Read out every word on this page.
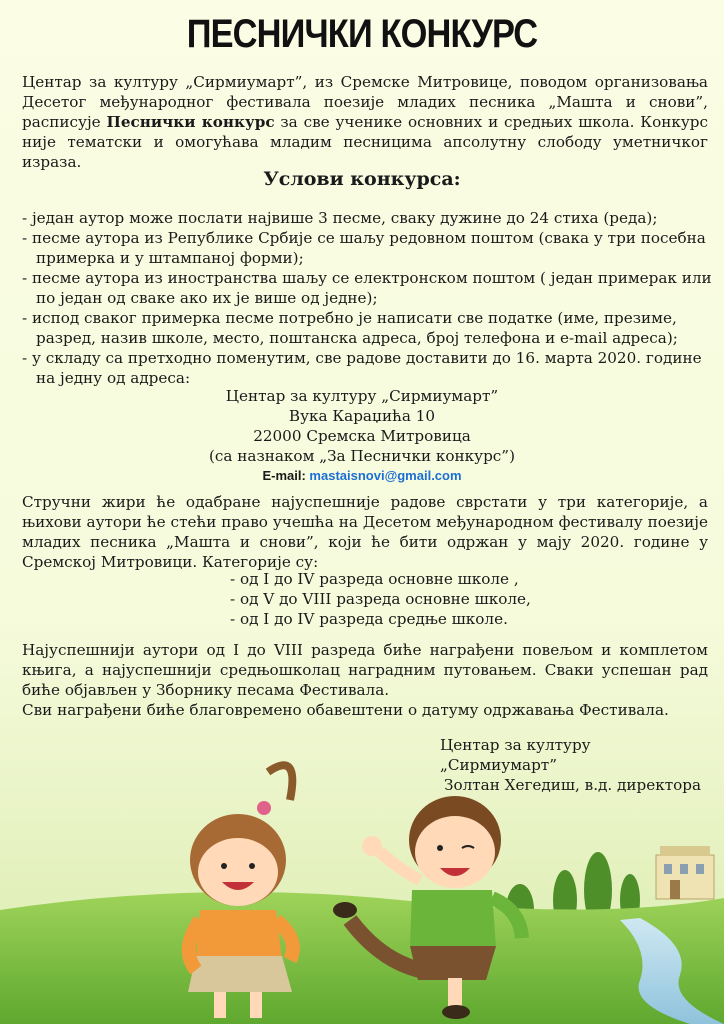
ПЕСНИЧКИ КОНКУРС

Центар за културу „Сирмиумарт”, из Сремске Митровице, поводом организовања Десетог међународног фестивала поезије младих песника „Машта и снови”, расписује Песнички конкурс за све ученике основних и средњих школа. Конкурс није тематски и омогућава младим песницима апсолутну слободу уметничког израза.

Услови конкурса:

- један аутор може послати највише 3 песме, сваку дужине до 24 стиха (реда);
- песме аутора из Републике Србије се шаљу редовном поштом (свака у три посебна примерка и у штампаној форми);
- песме аутора из иностранства шаљу се електронском поштом ( један примерак или по један од сваке ако их је више од једне);
- испод сваког примерка песме потребно је написати све податке (име, презиме, разред, назив школе, место, поштанска адреса, број телефона и e-mail адреса);
- у складу са претходно поменутим, све радове доставити до 16. марта 2020. године на једну од адреса:
Центар за културу „Сирмиумарт”
Вука Караџића 10
22000 Сремска Митровица
(са назнаком „За Песнички конкурс”)
E-mail: mastaisnovi@gmail.com

Стручни жири ће одабране најуспешније радове сврстати у три категорије, а њихови аутори ће стећи право учешћа на Десетом међународном фестивалу поезије младих песника „Машта и снови”, који ће бити одржан у мају 2020. године у Сремској Митровици. Категорије су:

- од I до IV разреда основне школе ,
- од V до VIII разреда основне школе,
- од I до IV разреда средње школе.

Најуспешнији аутори од I до VIII разреда биће награђени повељом и комплетом књига, а најуспешнији средњошколац наградним путовањем. Сваки успешан рад биће објављен у Зборнику песама Фестивала.

Сви награђени биће благовремено обавештени о датуму одржавања Фестивала.

Центар за културу „Сирмиумарт”
Золтан Хегедиш, в.д. директора
